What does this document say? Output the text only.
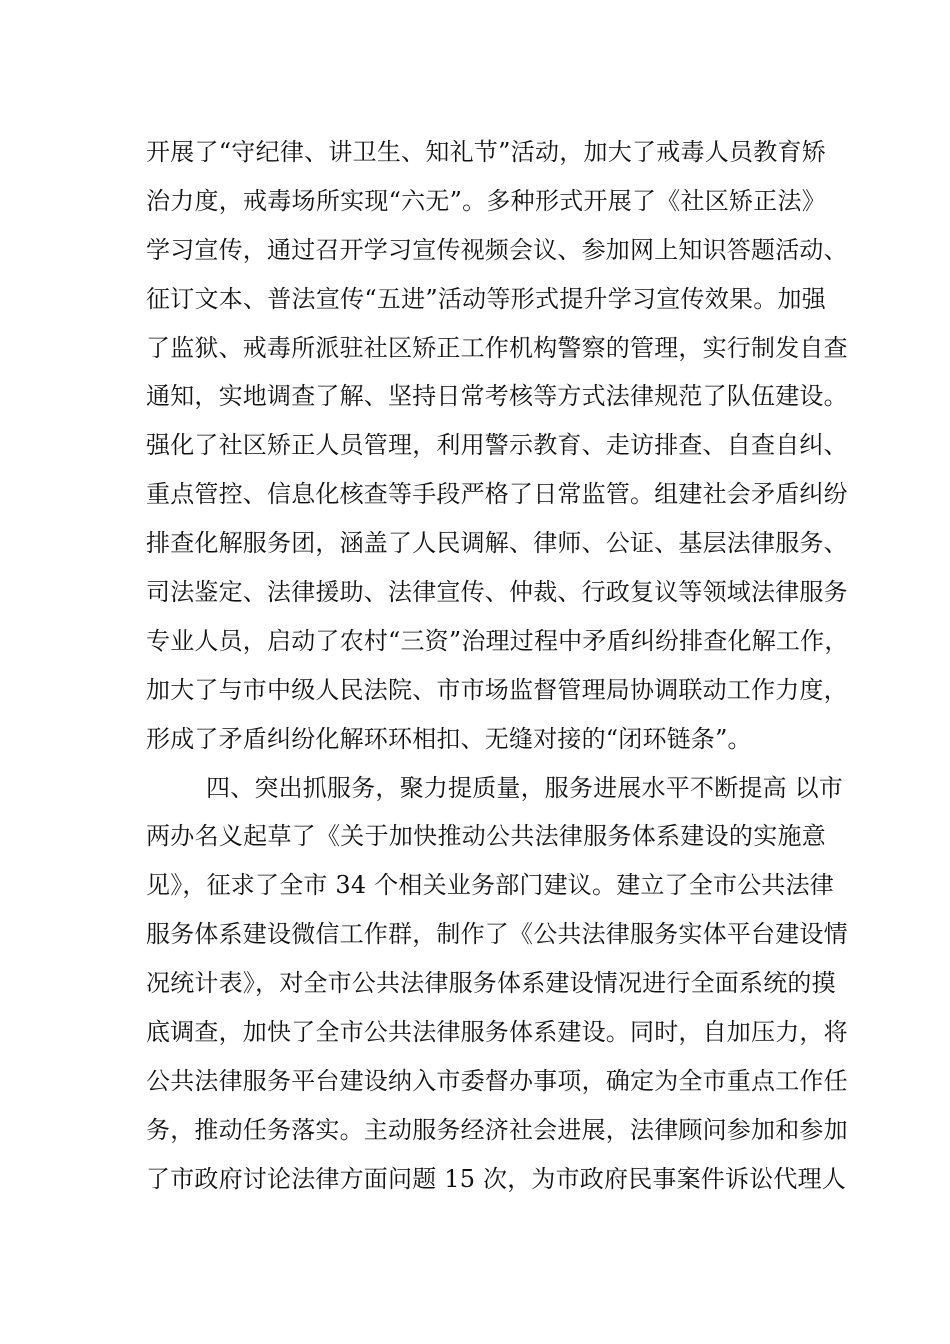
开展了“守纪律、讲卫生、知礼节”活动，加大了戒毒人员教育矫
治力度，戒毒场所实现“六无”。多种形式开展了《社区矫正法》
学习宣传，通过召开学习宣传视频会议、参加网上知识答题活动、
征订文本、普法宣传“五进”活动等形式提升学习宣传效果。加强
了监狱、戒毒所派驻社区矫正工作机构警察的管理，实行制发自查
通知，实地调查了解、坚持日常考核等方式法律规范了队伍建设。
强化了社区矫正人员管理，利用警示教育、走访排查、自查自纠、
重点管控、信息化核查等手段严格了日常监管。组建社会矛盾纠纷
排查化解服务团，涵盖了人民调解、律师、公证、基层法律服务、
司法鉴定、法律援助、法律宣传、仲裁、行政复议等领域法律服务
专业人员，启动了农村“三资”治理过程中矛盾纠纷排查化解工作，
加大了与市中级人民法院、市市场监督管理局协调联动工作力度，
形成了矛盾纠纷化解环环相扣、无缝对接的“闭环链条”。
四、突出抓服务，聚力提质量，服务进展水平不断提高 以市
两办名义起草了《关于加快推动公共法律服务体系建设的实施意
见》，征求了全市 34 个相关业务部门建议。建立了全市公共法律
服务体系建设微信工作群，制作了《公共法律服务实体平台建设情
况统计表》，对全市公共法律服务体系建设情况进行全面系统的摸
底调查，加快了全市公共法律服务体系建设。同时，自加压力，将
公共法律服务平台建设纳入市委督办事项，确定为全市重点工作任
务，推动任务落实。主动服务经济社会进展，法律顾问参加和参加
了市政府讨论法律方面问题 15 次，为市政府民事案件诉讼代理人
